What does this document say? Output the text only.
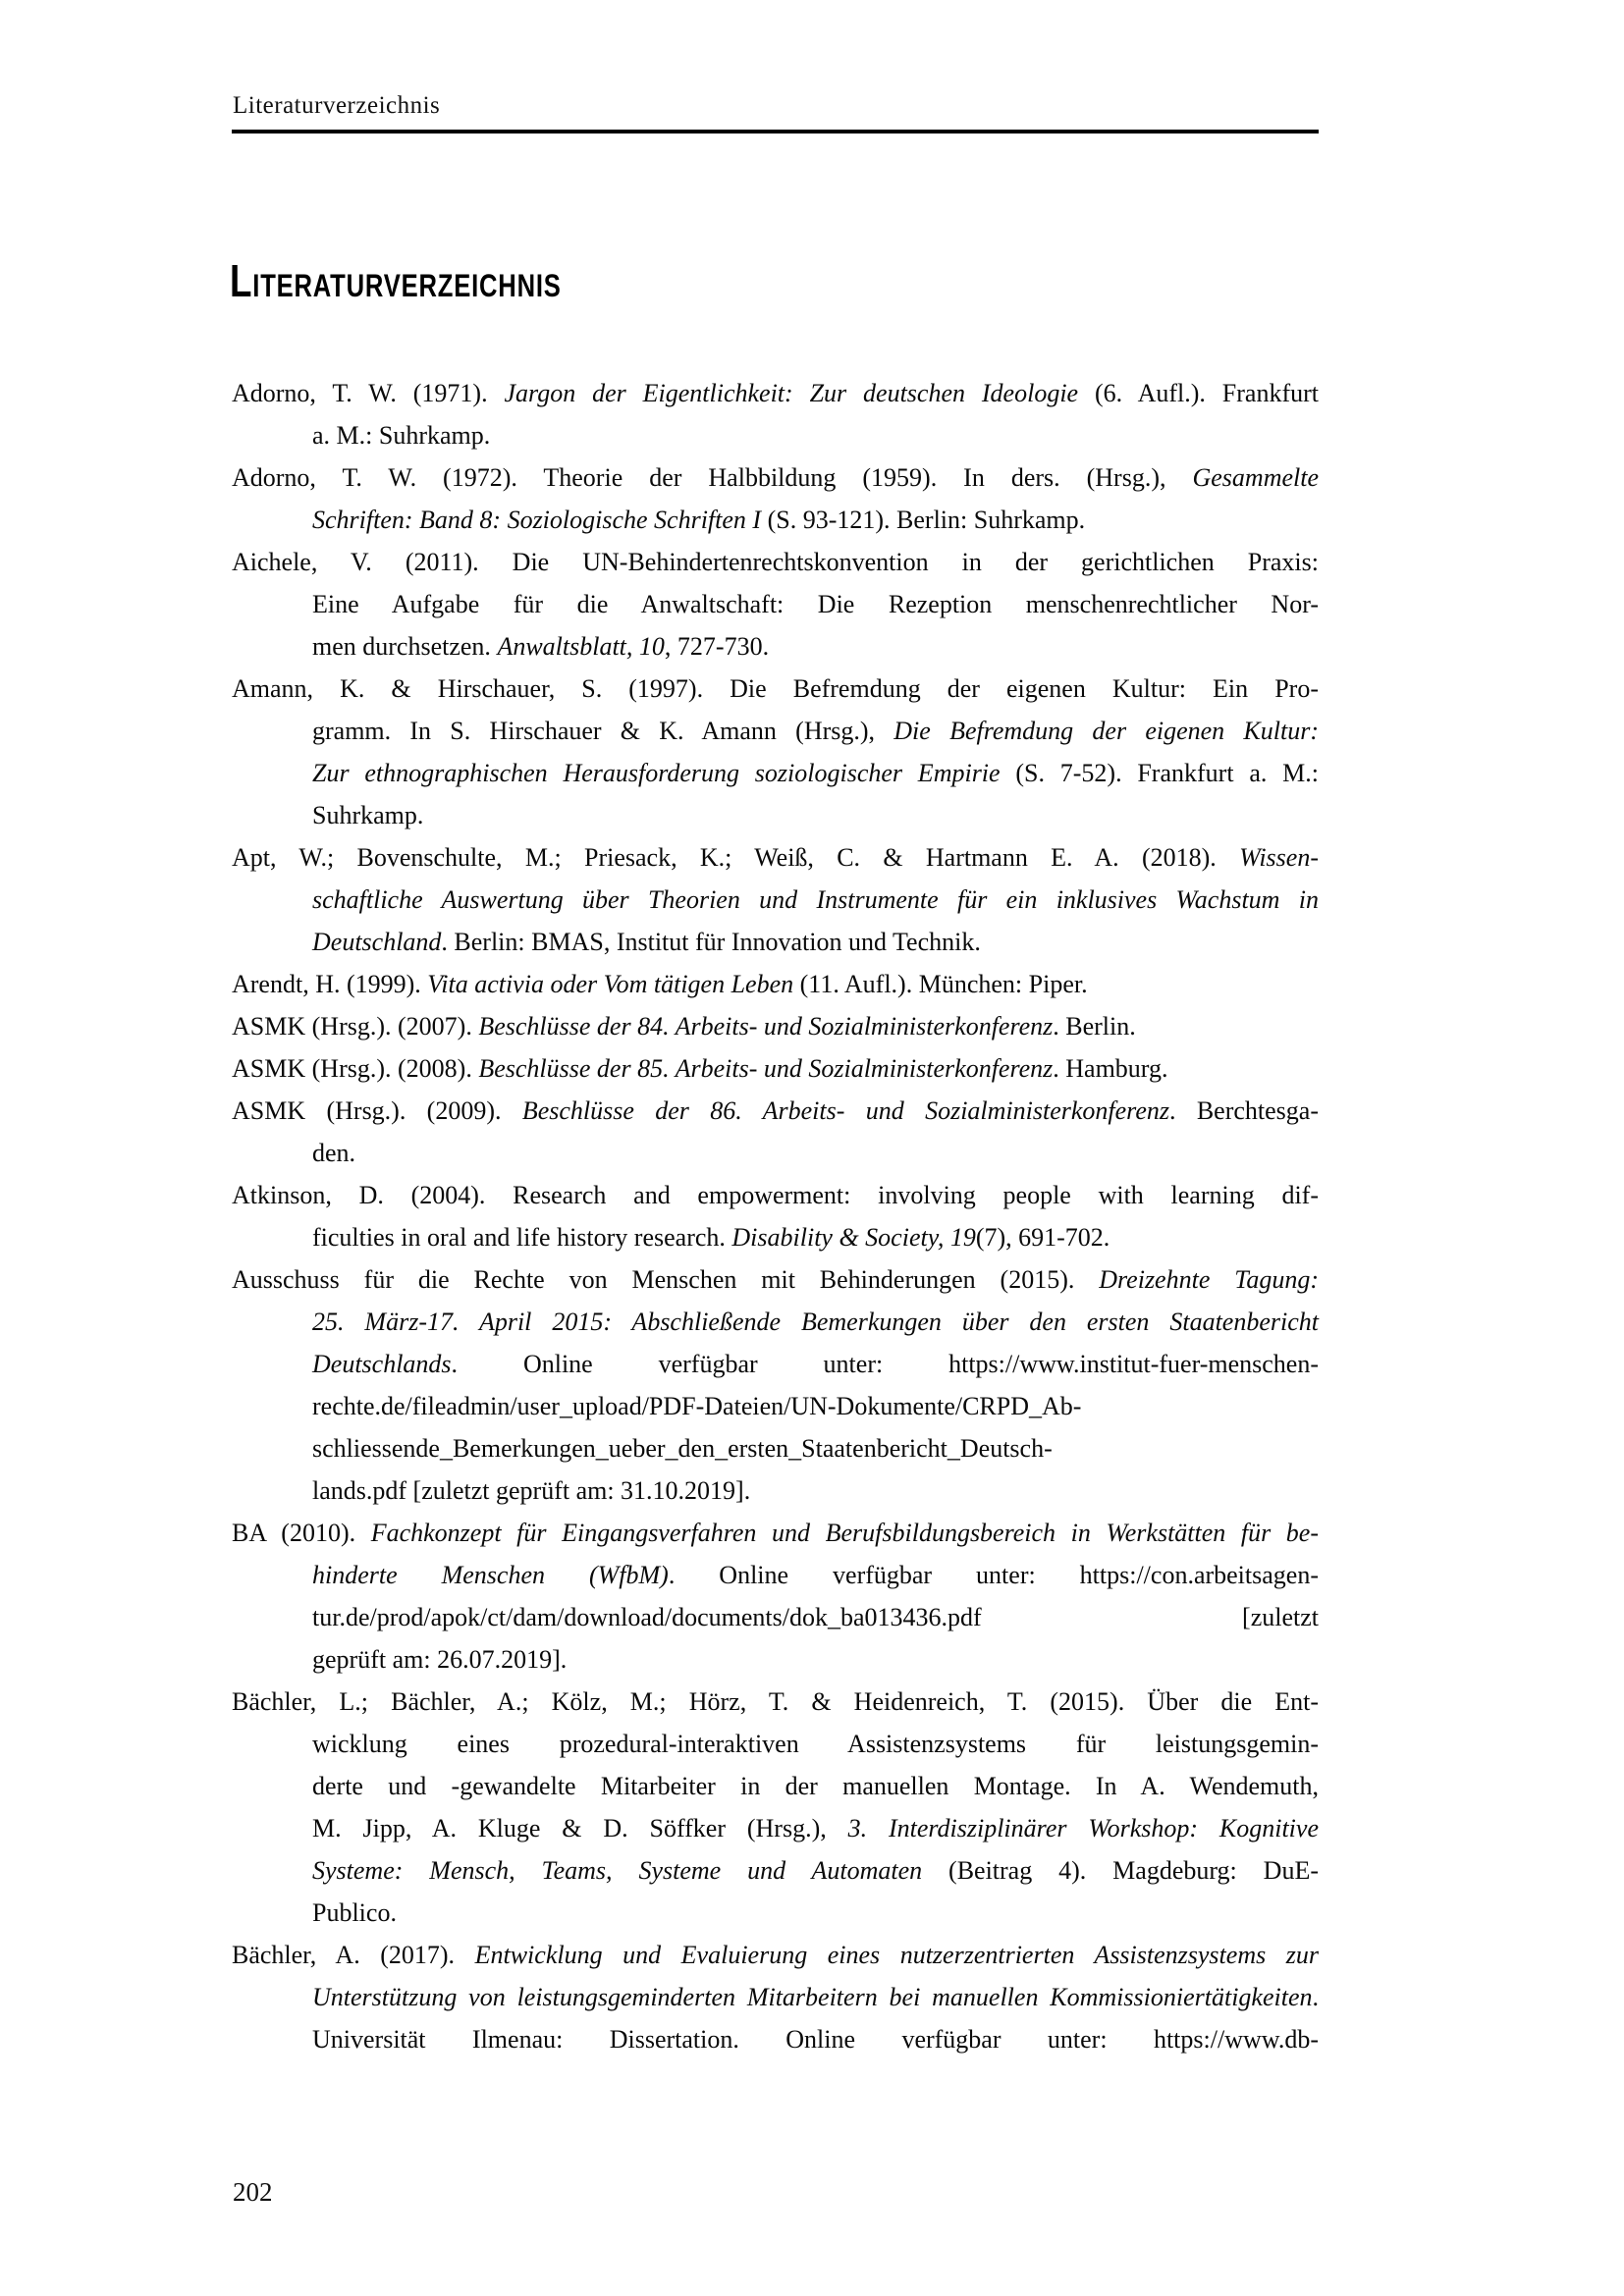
Literaturverzeichnis
Literaturverzeichnis
Adorno, T. W. (1971). Jargon der Eigentlichkeit: Zur deutschen Ideologie (6. Aufl.). Frankfurt
a. M.: Suhrkamp.
Adorno, T. W. (1972). Theorie der Halbbildung (1959). In ders. (Hrsg.), Gesammelte
Schriften: Band 8: Soziologische Schriften I (S. 93-121). Berlin: Suhrkamp.
Aichele, V. (2011). Die UN-Behindertenrechtskonvention in der gerichtlichen Praxis:
Eine Aufgabe für die Anwaltschaft: Die Rezeption menschenrechtlicher Nor-
men durchsetzen. Anwaltsblatt, 10, 727-730.
Amann, K. & Hirschauer, S. (1997). Die Befremdung der eigenen Kultur: Ein Pro-
gramm. In S. Hirschauer & K. Amann (Hrsg.), Die Befremdung der eigenen Kultur:
Zur ethnographischen Herausforderung soziologischer Empirie (S. 7-52). Frankfurt a. M.:
Suhrkamp.
Apt, W.; Bovenschulte, M.; Priesack, K.; Weiß, C. & Hartmann E. A. (2018). Wissen-
schaftliche Auswertung über Theorien und Instrumente für ein inklusives Wachstum in
Deutschland. Berlin: BMAS, Institut für Innovation und Technik.
Arendt, H. (1999). Vita activia oder Vom tätigen Leben (11. Aufl.). München: Piper.
ASMK (Hrsg.). (2007). Beschlüsse der 84. Arbeits- und Sozialministerkonferenz. Berlin.
ASMK (Hrsg.). (2008). Beschlüsse der 85. Arbeits- und Sozialministerkonferenz. Hamburg.
ASMK (Hrsg.). (2009). Beschlüsse der 86. Arbeits- und Sozialministerkonferenz. Berchtesga-
den.
Atkinson, D. (2004). Research and empowerment: involving people with learning dif-
ficulties in oral and life history research. Disability & Society, 19(7), 691-702.
Ausschuss für die Rechte von Menschen mit Behinderungen (2015). Dreizehnte Tagung:
25. März-17. April 2015: Abschließende Bemerkungen über den ersten Staatenbericht
Deutschlands. Online verfügbar unter: https://www.institut-fuer-menschen-
rechte.de/fileadmin/user_upload/PDF-Dateien/UN-Dokumente/CRPD_Ab-
schliessende_Bemerkungen_ueber_den_ersten_Staatenbericht_Deutsch-
lands.pdf [zuletzt geprüft am: 31.10.2019].
BA (2010). Fachkonzept für Eingangsverfahren und Berufsbildungsbereich in Werkstätten für be-
hinderte Menschen (WfbM). Online verfügbar unter: https://con.arbeitsagen-
tur.de/prod/apok/ct/dam/download/documents/dok_ba013436.pdf [zuletzt
geprüft am: 26.07.2019].
Bächler, L.; Bächler, A.; Kölz, M.; Hörz, T. & Heidenreich, T. (2015). Über die Ent-
wicklung eines prozedural-interaktiven Assistenzsystems für leistungsgemin-
derte und -gewandelte Mitarbeiter in der manuellen Montage. In A. Wendemuth,
M. Jipp, A. Kluge & D. Söffker (Hrsg.), 3. Interdisziplinärer Workshop: Kognitive
Systeme: Mensch, Teams, Systeme und Automaten (Beitrag 4). Magdeburg: DuE-
Publico.
Bächler, A. (2017). Entwicklung und Evaluierung eines nutzerzentrierten Assistenzsystems zur
Unterstützung von leistungsgeminderten Mitarbeitern bei manuellen Kommissioniertätigkeiten.
Universität Ilmenau: Dissertation. Online verfügbar unter: https://www.db-
202
